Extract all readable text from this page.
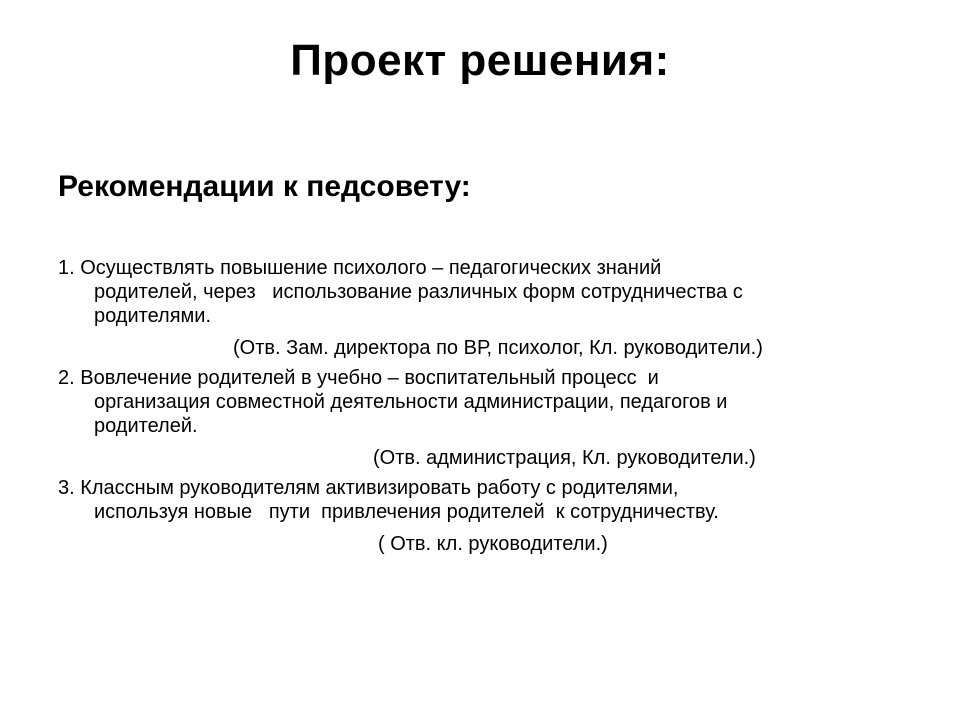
Проект решения:
Рекомендации к педсовету:
1. Осуществлять повышение психолого – педагогических знаний
родителей, через   использование различных форм сотрудничества с
родителями.
(Отв. Зам. директора по ВР, психолог, Кл. руководители.)
2. Вовлечение родителей в учебно – воспитательный процесс  и
организация совместной деятельности администрации, педагогов и
родителей.
(Отв. администрация, Кл. руководители.)
3. Классным руководителям активизировать работу с родителями,
используя новые   пути  привлечения родителей  к сотрудничеству.
( Отв. кл. руководители.)
